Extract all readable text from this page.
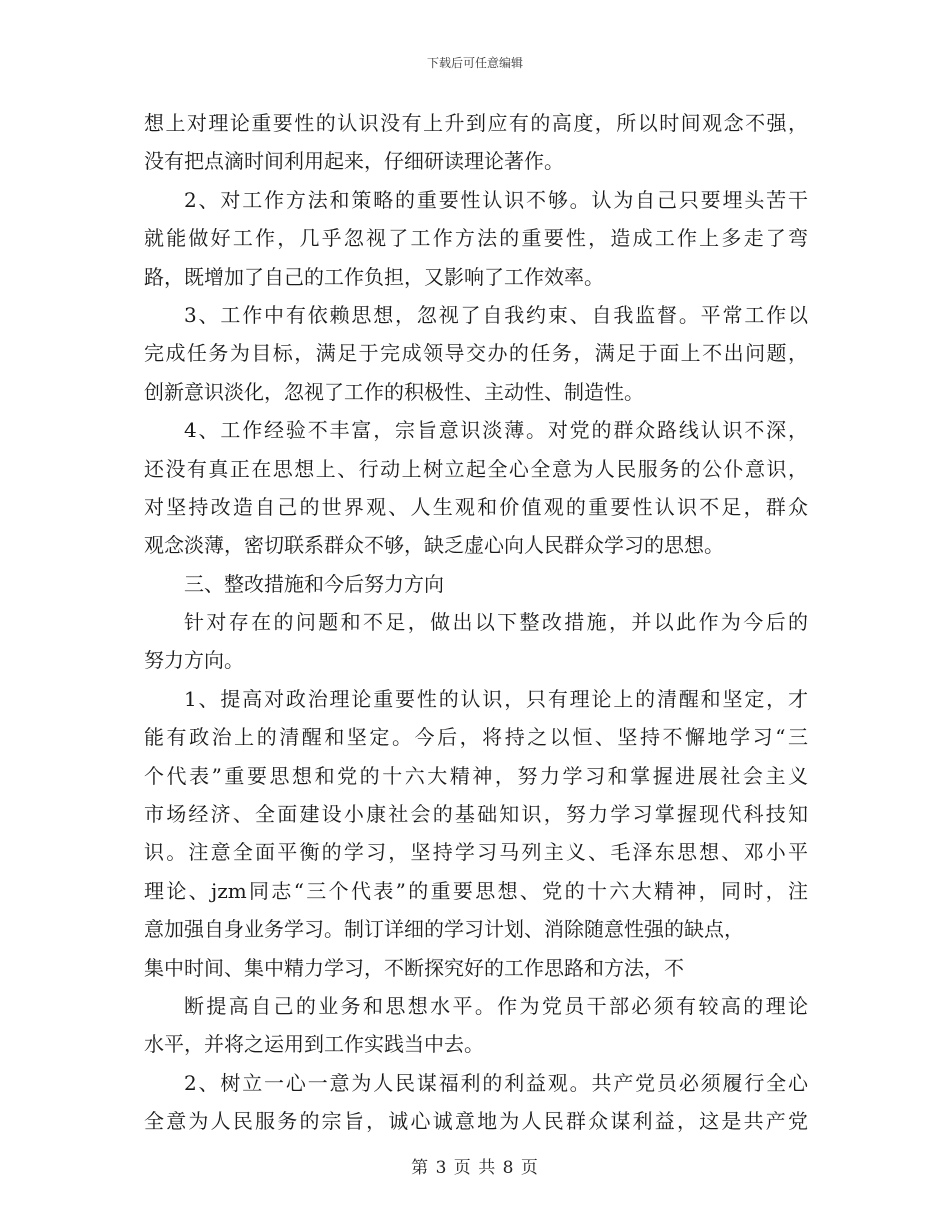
下载后可任意编辑
想上对理论重要性的认识没有上升到应有的高度，所以时间观念不强，
没有把点滴时间利用起来，仔细研读理论著作。
2、对工作方法和策略的重要性认识不够。认为自己只要埋头苦干
就能做好工作，几乎忽视了工作方法的重要性，造成工作上多走了弯
路，既增加了自己的工作负担，又影响了工作效率。
3、工作中有依赖思想，忽视了自我约束、自我监督。平常工作以
完成任务为目标，满足于完成领导交办的任务，满足于面上不出问题，
创新意识淡化，忽视了工作的积极性、主动性、制造性。
4、工作经验不丰富，宗旨意识淡薄。对党的群众路线认识不深，
还没有真正在思想上、行动上树立起全心全意为人民服务的公仆意识，
对坚持改造自己的世界观、人生观和价值观的重要性认识不足，群众
观念淡薄，密切联系群众不够，缺乏虚心向人民群众学习的思想。
三、整改措施和今后努力方向
针对存在的问题和不足，做出以下整改措施，并以此作为今后的
努力方向。
1、提高对政治理论重要性的认识，只有理论上的清醒和坚定，才
能有政治上的清醒和坚定。今后，将持之以恒、坚持不懈地学习“三
个代表”重要思想和党的十六大精神，努力学习和掌握进展社会主义
市场经济、全面建设小康社会的基础知识，努力学习掌握现代科技知
识。注意全面平衡的学习，坚持学习马列主义、毛泽东思想、邓小平
理论、jzm同志“三个代表”的重要思想、党的十六大精神，同时，注
意加强自身业务学习。制订详细的学习计划、消除随意性强的缺点，
集中时间、集中精力学习，不断探究好的工作思路和方法，不
断提高自己的业务和思想水平。作为党员干部必须有较高的理论
水平，并将之运用到工作实践当中去。
2、树立一心一意为人民谋福利的利益观。共产党员必须履行全心
全意为人民服务的宗旨，诚心诚意地为人民群众谋利益，这是共产党
第 3 页 共 8 页
